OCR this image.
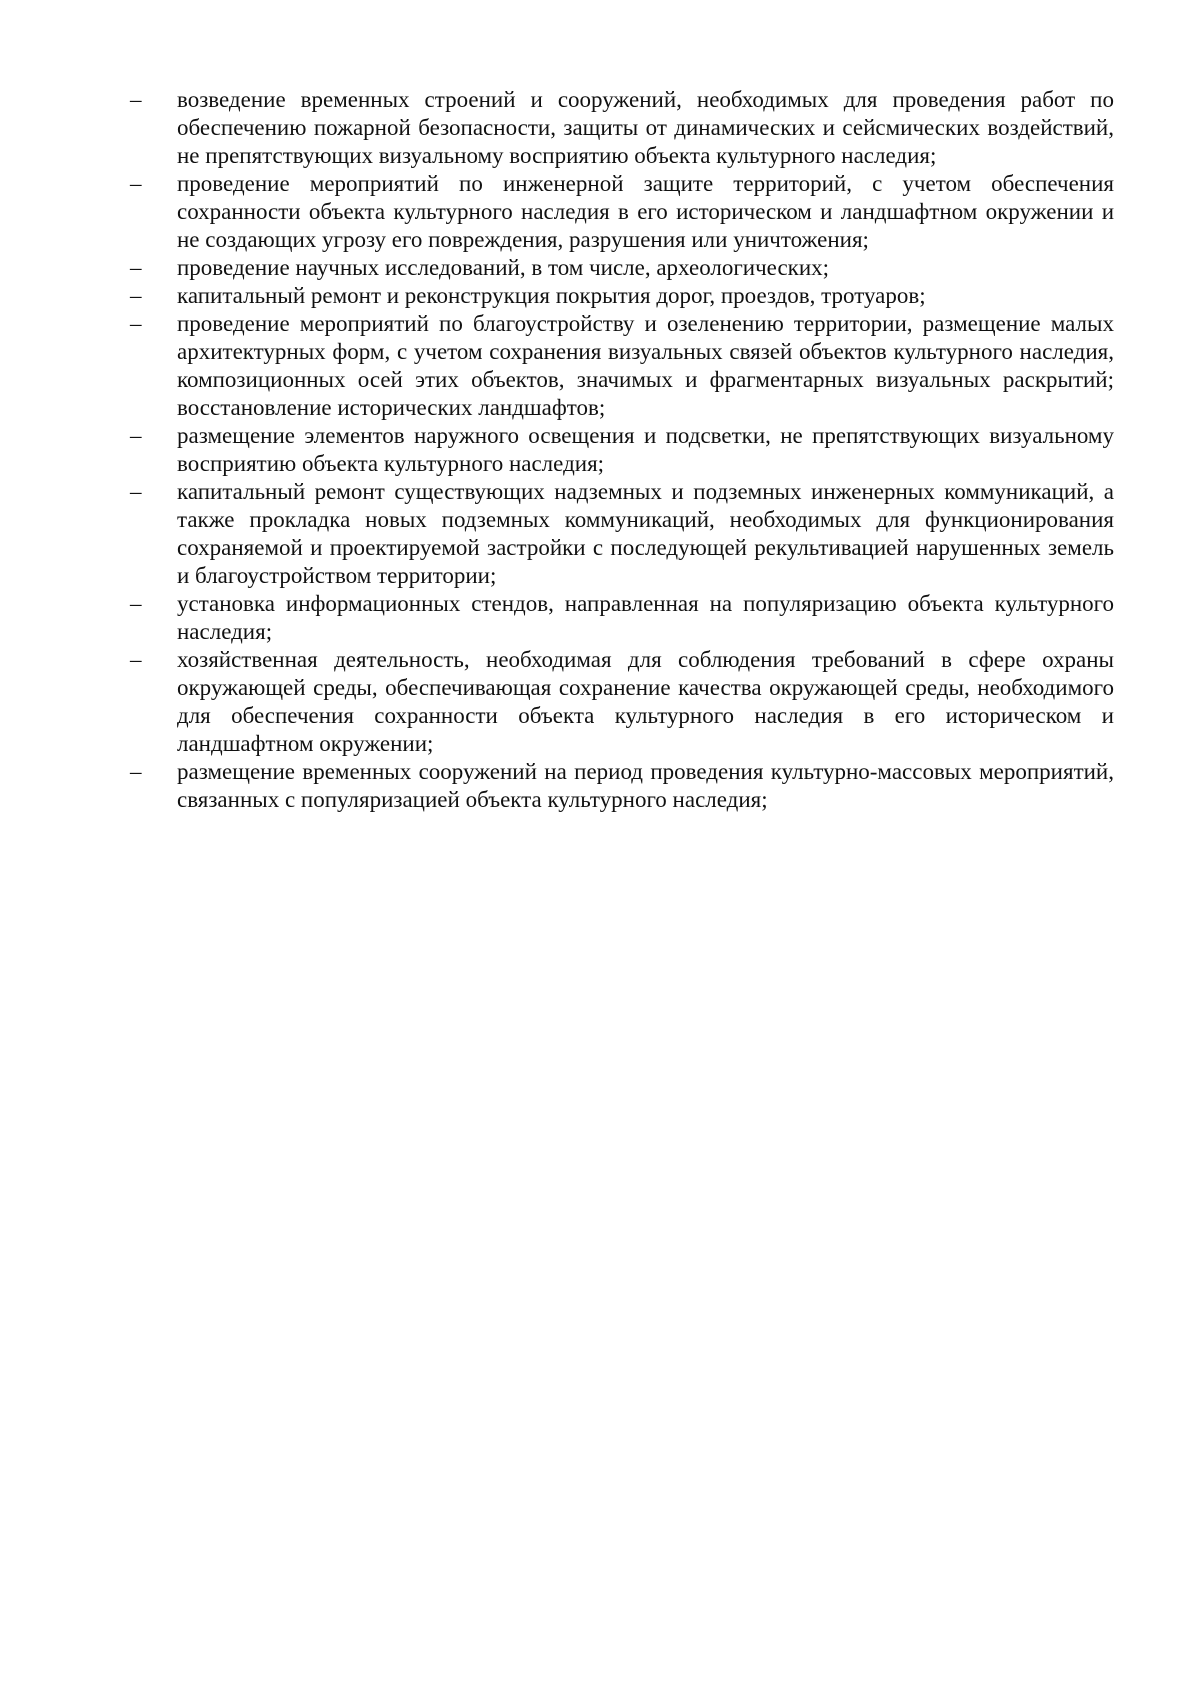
–	возведение временных строений и сооружений, необходимых для проведения работ по обеспечению пожарной безопасности, защиты от динамических и сейсмических воздействий, не препятствующих визуальному восприятию объекта культурного наследия;
–	проведение мероприятий по инженерной защите территорий, с учетом обеспечения сохранности объекта культурного наследия в его историческом и ландшафтном окружении и не создающих угрозу его повреждения, разрушения или уничтожения;
–	проведение научных исследований, в том числе, археологических;
–	капитальный ремонт и реконструкция покрытия дорог, проездов, тротуаров;
–	проведение мероприятий по благоустройству и озеленению территории, размещение малых архитектурных форм, с учетом сохранения визуальных связей объектов культурного наследия, композиционных осей этих объектов, значимых и фрагментарных визуальных раскрытий; восстановление исторических ландшафтов;
–	размещение элементов наружного освещения и подсветки, не препятствующих визуальному восприятию объекта культурного наследия;
–	капитальный ремонт существующих надземных и подземных инженерных коммуникаций, а также прокладка новых подземных коммуникаций, необходимых для функционирования сохраняемой и проектируемой застройки с последующей рекультивацией нарушенных земель и благоустройством территории;
–	установка информационных стендов, направленная на популяризацию объекта культурного наследия;
–	хозяйственная деятельность, необходимая для соблюдения требований в сфере охраны окружающей среды, обеспечивающая сохранение качества окружающей среды, необходимого для обеспечения сохранности объекта культурного наследия в его историческом и ландшафтном окружении;
–	размещение временных сооружений на период проведения культурно-массовых мероприятий, связанных с популяризацией объекта культурного наследия;
